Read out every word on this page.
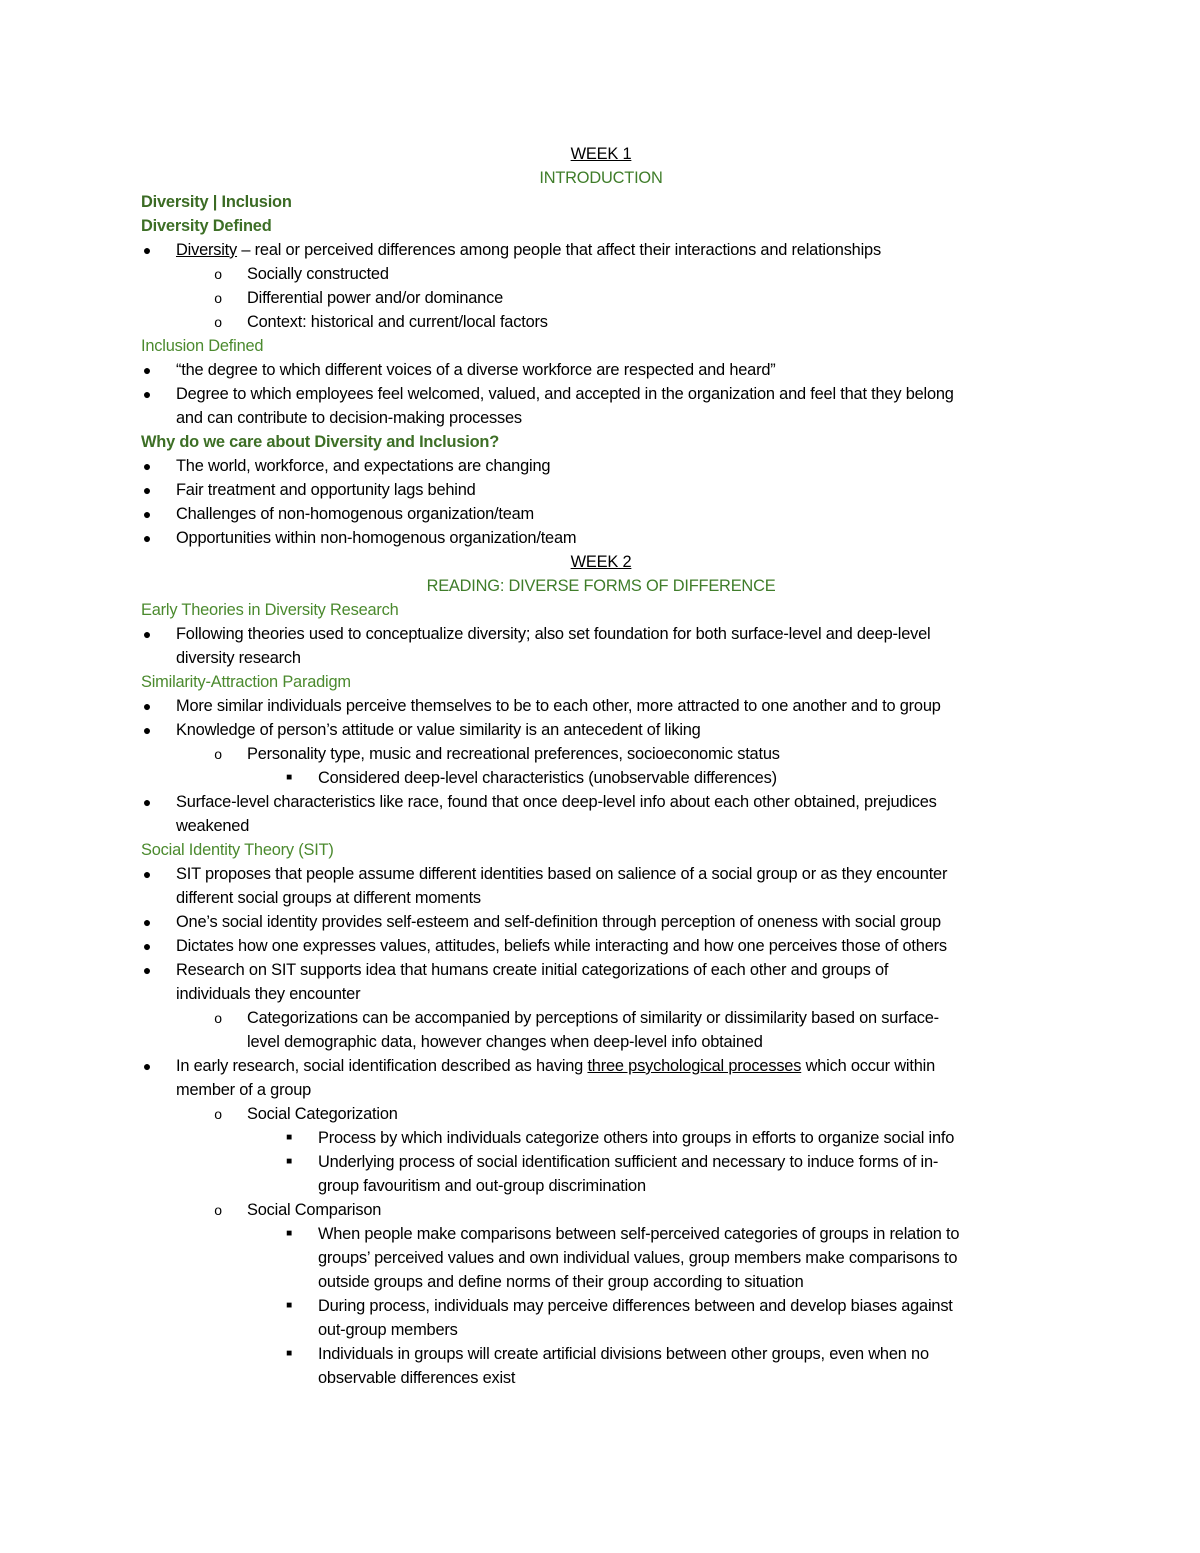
WEEK 1
INTRODUCTION
Diversity | Inclusion
Diversity Defined
● Diversity – real or perceived differences among people that affect their interactions and relationships
o Socially constructed
o Differential power and/or dominance
o Context: historical and current/local factors
Inclusion Defined
● “the degree to which different voices of a diverse workforce are respected and heard”
● Degree to which employees feel welcomed, valued, and accepted in the organization and feel that they belong
and can contribute to decision-making processes
Why do we care about Diversity and Inclusion?
● The world, workforce, and expectations are changing
● Fair treatment and opportunity lags behind
● Challenges of non-homogenous organization/team
● Opportunities within non-homogenous organization/team
WEEK 2
READING: DIVERSE FORMS OF DIFFERENCE
Early Theories in Diversity Research
● Following theories used to conceptualize diversity; also set foundation for both surface-level and deep-level
diversity research
Similarity-Attraction Paradigm
● More similar individuals perceive themselves to be to each other, more attracted to one another and to group
● Knowledge of person’s attitude or value similarity is an antecedent of liking
o Personality type, music and recreational preferences, socioeconomic status
■ Considered deep-level characteristics (unobservable differences)
● Surface-level characteristics like race, found that once deep-level info about each other obtained, prejudices
weakened
Social Identity Theory (SIT)
● SIT proposes that people assume different identities based on salience of a social group or as they encounter
different social groups at different moments
● One’s social identity provides self-esteem and self-definition through perception of oneness with social group
● Dictates how one expresses values, attitudes, beliefs while interacting and how one perceives those of others
● Research on SIT supports idea that humans create initial categorizations of each other and groups of
individuals they encounter
o Categorizations can be accompanied by perceptions of similarity or dissimilarity based on surface-
level demographic data, however changes when deep-level info obtained
● In early research, social identification described as having three psychological processes which occur within
member of a group
o Social Categorization
■ Process by which individuals categorize others into groups in efforts to organize social info
■ Underlying process of social identification sufficient and necessary to induce forms of in-
group favouritism and out-group discrimination
o Social Comparison
■ When people make comparisons between self-perceived categories of groups in relation to
groups’ perceived values and own individual values, group members make comparisons to
outside groups and define norms of their group according to situation
■ During process, individuals may perceive differences between and develop biases against
out-group members
■ Individuals in groups will create artificial divisions between other groups, even when no
observable differences exist
